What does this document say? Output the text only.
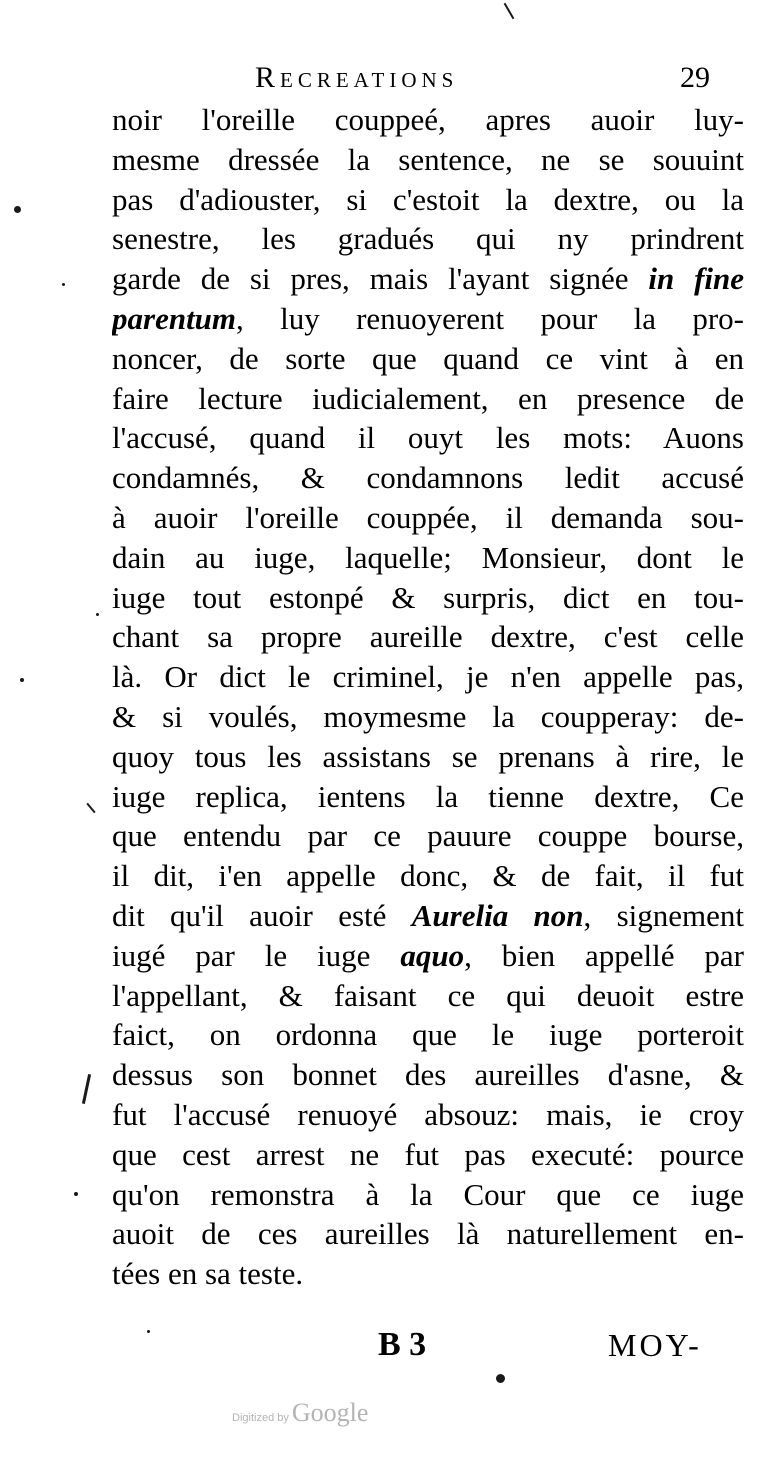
Recreations	29
noir l'oreille couppeé, apres auoir luy-
mesme dressée la sentence, ne se souuint
pas d'adiouster, si c'estoit la dextre, ou la
senestre, les gradués qui ny prindrent
garde de si pres, mais l'ayant signée in fine
parentum, luy renuoyerent pour la pro-
noncer, de sorte que quand ce vint à en
faire lecture iudicialement, en presence de
l'accusé, quand il ouyt les mots: Auons
condamnés, & condamnons ledit accusé
à auoir l'oreille couppée, il demanda sou-
dain au iuge, laquelle; Monsieur, dont le
iuge tout estonpé & surpris, dict en tou-
chant sa propre aureille dextre, c'est celle
là. Or dict le criminel, je n'en appelle pas,
& si voulés, moymesme la coupperay: de-
quoy tous les assistans se prenans à rire, le
iuge replica, ientens la tienne dextre, Ce
que entendu par ce pauure couppe bourse,
il dit, i'en appelle donc, & de fait, il fut
dit qu'il auoir esté Aurelia non, signement
iugé par le iuge aquo, bien appellé par
l'appellant, & faisant ce qui deuoit estre
faict, on ordonna que le iuge porteroit
dessus son bonnet des aureilles d'asne, &
fut l'accusé renuoyé absouz: mais, ie croy
que cest arrest ne fut pas executé: pource
qu'on remonstra à la Cour que ce iuge
auoit de ces aureilles là naturellement en-
tées en sa teste.
B 3	MOY-
Digitized by Google
